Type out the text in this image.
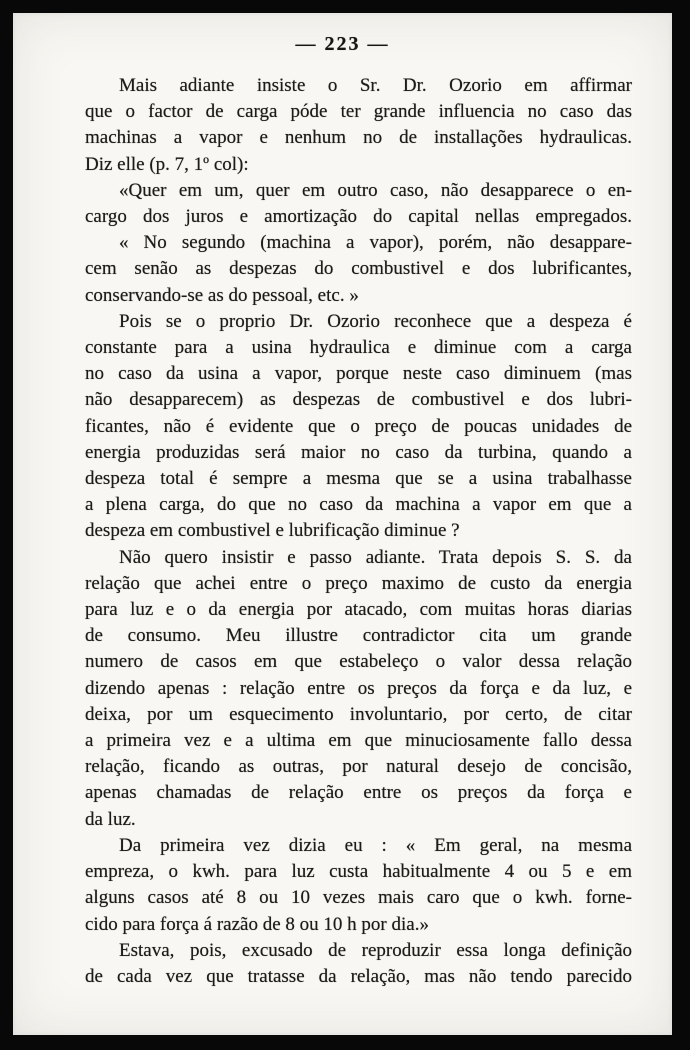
— 223 —
Mais adiante insiste o Sr. Dr. Ozorio em affirmar
que o factor de carga póde ter grande influencia no caso das
machinas a vapor e nenhum no de installações hydraulicas.
Diz elle (p. 7, 1º col):
«Quer em um, quer em outro caso, não desapparece o en-
cargo dos juros e amortização do capital nellas empregados.
« No segundo (machina a vapor), porém, não desappare-
cem senão as despezas do combustivel e dos lubrificantes,
conservando-se as do pessoal, etc. »
Pois se o proprio Dr. Ozorio reconhece que a despeza é
constante para a usina hydraulica e diminue com a carga
no caso da usina a vapor, porque neste caso diminuem (mas
não desapparecem) as despezas de combustivel e dos lubri-
ficantes, não é evidente que o preço de poucas unidades de
energia produzidas será maior no caso da turbina, quando a
despeza total é sempre a mesma que se a usina trabalhasse
a plena carga, do que no caso da machina a vapor em que a
despeza em combustivel e lubrificação diminue ?
Não quero insistir e passo adiante. Trata depois S. S. da
relação que achei entre o preço maximo de custo da energia
para luz e o da energia por atacado, com muitas horas diarias
de consumo. Meu illustre contradictor cita um grande
numero de casos em que estabeleço o valor dessa relação
dizendo apenas : relação entre os preços da força e da luz, e
deixa, por um esquecimento involuntario, por certo, de citar
a primeira vez e a ultima em que minuciosamente fallo dessa
relação, ficando as outras, por natural desejo de concisão,
apenas chamadas de relação entre os preços da força e
da luz.
Da primeira vez dizia eu : « Em geral, na mesma
empreza, o kwh. para luz custa habitualmente 4 ou 5 e em
alguns casos até 8 ou 10 vezes mais caro que o kwh. forne-
cido para força á razão de 8 ou 10 h por dia.»
Estava, pois, excusado de reproduzir essa longa definição
de cada vez que tratasse da relação, mas não tendo parecido
